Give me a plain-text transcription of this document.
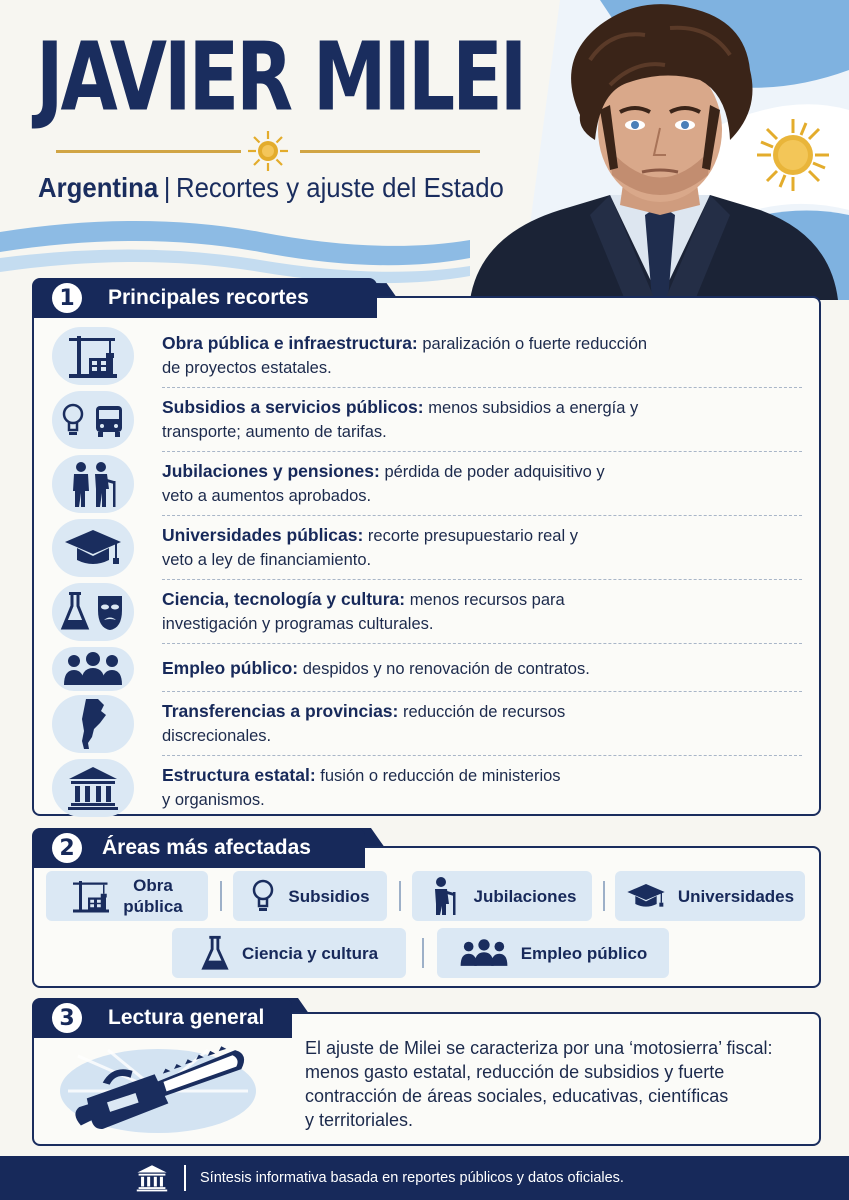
JAVIER MILEI
Argentina | Recortes y ajuste del Estado
1	Principales recortes
Obra pública e infraestructura: paralización o fuerte reducción
de proyectos estatales.
Subsidios a servicios públicos: menos subsidios a energía y
transporte; aumento de tarifas.
Jubilaciones y pensiones: pérdida de poder adquisitivo y
veto a aumentos aprobados.
Universidades públicas: recorte presupuestario real y
veto a ley de financiamiento.
Ciencia, tecnología y cultura: menos recursos para
investigación y programas culturales.
Empleo público: despidos y no renovación de contratos.
Transferencias a provincias: reducción de recursos
discrecionales.
Estructura estatal: fusión o reducción de ministerios
y organismos.
2	Áreas más afectadas
Obra
pública
Subsidios	Jubilaciones	Universidades
Ciencia y cultura	Empleo público
3	Lectura general
El ajuste de Milei se caracteriza por una ‘motosierra’ fiscal:
menos gasto estatal, reducción de subsidios y fuerte
contracción de áreas sociales, educativas, científicas
y territoriales.
Síntesis informativa basada en reportes públicos y datos oficiales.
